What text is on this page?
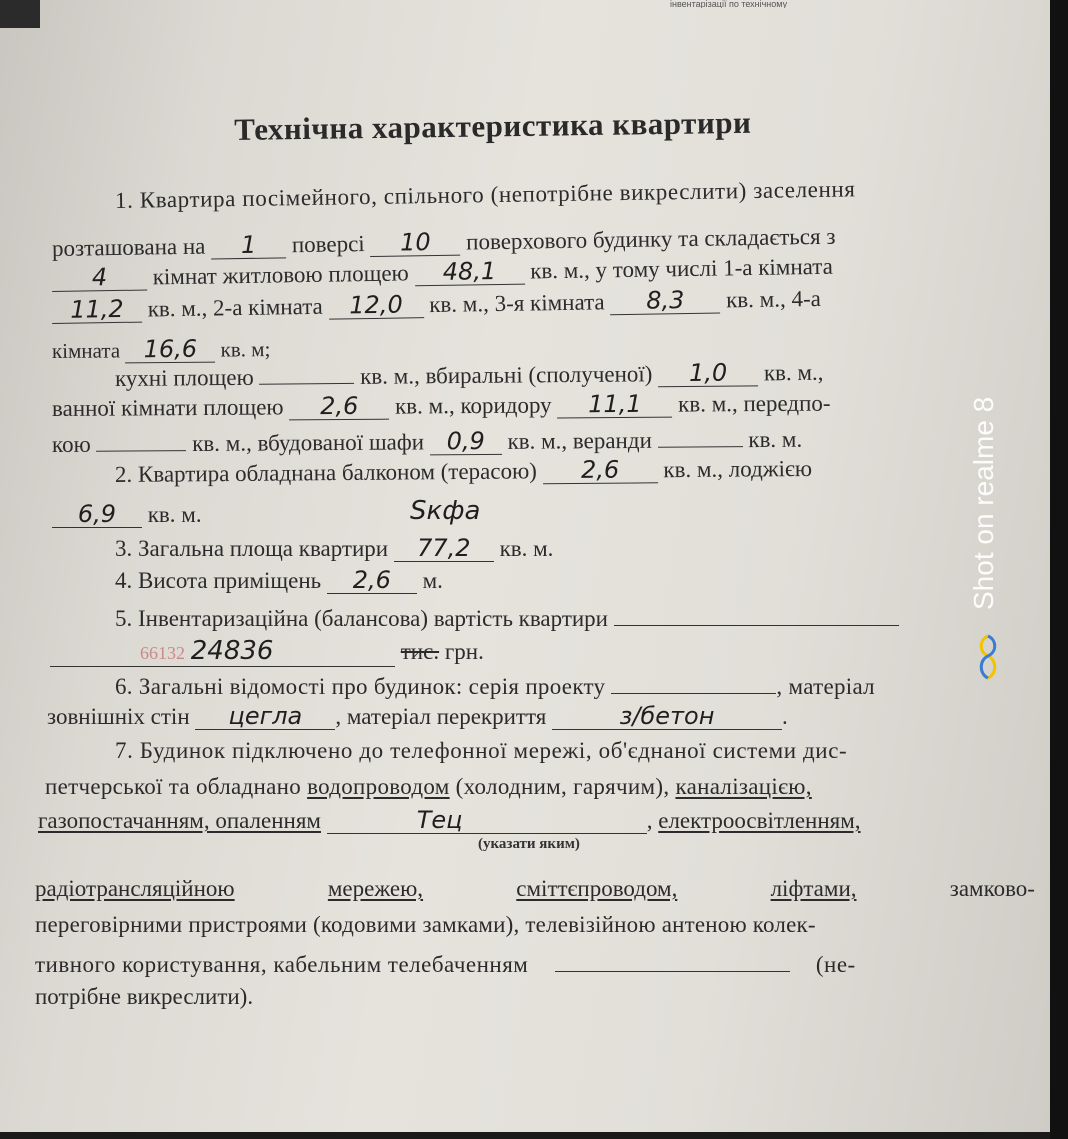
інвентарізації по технічному
Технічна характеристика квартири
1. Квартира посімейного, спільного (непотрібне викреслити) заселення
розташована на 1 поверсі 10 поверхового будинку та складається з
4 кімнат житловою площею 48,1 кв. м., у тому числі 1-а кімната
11,2 кв. м., 2-а кімната 12,0 кв. м., 3-я кімната 8,3 кв. м., 4-а
кімната 16,6 кв. м;
кухні площею	кв. м., вбиральні (сполученої) 1,0 кв. м.,
ванної кімнати площею 2,6 кв. м., коридору 11,1 кв. м., передпо-
кою	кв. м., вбудованої шафи 0,9 кв. м., веранди	кв. м.
2. Квартира обладнана балконом (терасою) 2,6 кв. м., лоджією
6,9 кв. м.	Sкфа
3. Загальна площа квартири 77,2 кв. м.
4. Висота приміщень 2,6 м.
5. Інвентаризаційна (балансова) вартість квартири
66132 24836	тис. грн.
6. Загальні відомості про будинок: серія проекту	, матеріал
зовнішніх стін цегла , матеріал перекриття	з/бетон	.
7. Будинок підключено до телефонної мережі, об'єднаної системи дис-
петчерської та обладнано водопроводом (холодним, гарячим), каналізацією,
газопостачанням, опаленням	Тец	, електроосвітленням,
(указати яким)
радіотрансляційною	мережею,	сміттєпроводом,	ліфтами,	замково-
переговірними пристроями (кодовими замками), телевізійною антеною колек-
тивного користування, кабельним телебаченням	(не-
потрібне викреслити).
Shot on realme 8
